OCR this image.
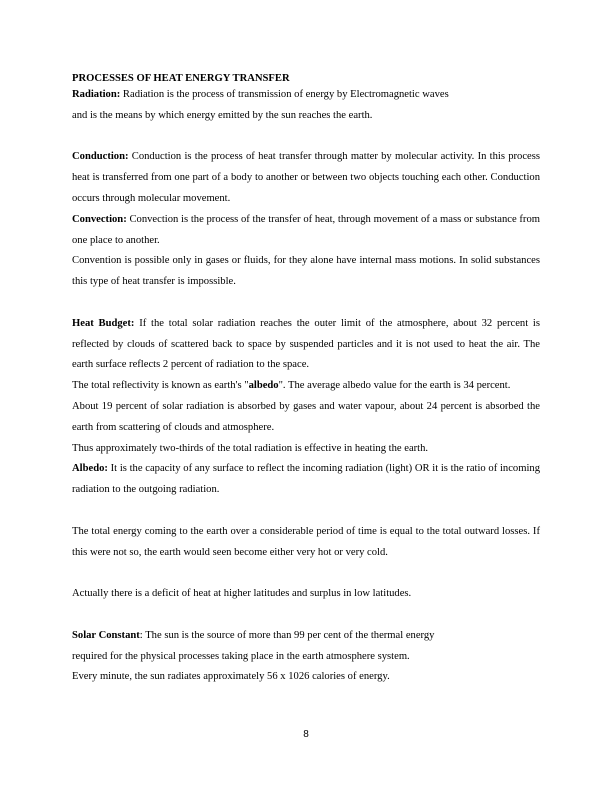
PROCESSES OF HEAT ENERGY TRANSFER

Radiation: Radiation is the process of transmission of energy by Electromagnetic waves
and is the means by which energy emitted by the sun reaches the earth.

Conduction: Conduction is the process of heat transfer through matter by molecular activity. In this process heat is transferred from one part of a body to another or between two objects touching each other. Conduction occurs through molecular movement.

Convection: Convection is the process of the transfer of heat, through movement of a mass or substance from one place to another.

Convention is possible only in gases or fluids, for they alone have internal mass motions. In solid substances this type of heat transfer is impossible.

Heat Budget: If the total solar radiation reaches the outer limit of the atmosphere, about 32 percent is reflected by clouds of scattered back to space by suspended particles and it is not used to heat the air. The earth surface reflects 2 percent of radiation to the space.

The total reflectivity is known as earth's "albedo". The average albedo value for the earth is 34 percent.

About 19 percent of solar radiation is absorbed by gases and water vapour, about 24 percent is absorbed the earth from scattering of clouds and atmosphere.

Thus approximately two-thirds of the total radiation is effective in heating the earth.

Albedo: It is the capacity of any surface to reflect the incoming radiation (light) OR it is the ratio of incoming radiation to the outgoing radiation.

The total energy coming to the earth over a considerable period of time is equal to the total outward losses. If this were not so, the earth would seen become either very hot or very cold.

Actually there is a deficit of heat at higher latitudes and surplus in low latitudes.

Solar Constant: The sun is the source of more than 99 per cent of the thermal energy
required for the physical processes taking place in the earth atmosphere system.
Every minute, the sun radiates approximately 56 x 1026 calories of energy.

8
